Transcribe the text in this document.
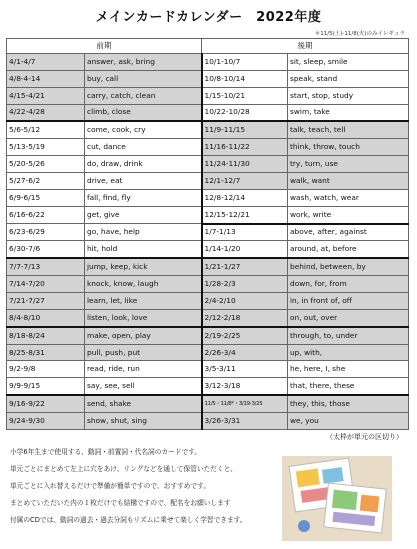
メインカードカレンダー　2022年度
＊11/5(土)-11/8(火)のみイレギュラ
前期		後期	
4/1-4/7	answer, ask, bring	10/1-10/7	sit, sleep, smile
4/8-4-14	buy, call	10/8-10/14	speak, stand
4/15-4/21	carry, catch, clean	1/15-10/21	start, stop, study
4/22-4/28	climb, close	10/22-10/28	swim, take
5/6-5/12	come, cook, cry	11/9-11/15	talk, teach, tell
5/13-5/19	cut, dance	11/16-11/22	think, throw, touch
5/20-5/26	do, draw, drink	11/24-11/30	try, turn, use
5/27-6/2	drive, eat	12/1-12/7	walk, want
6/9-6/15	fall, find, fly	12/8-12/14	wash, watch, wear
6/16-6/22	get, give	12/15-12/21	work, write
6/23-6/29	go, have, help	1/7-1/13	above, after, against
6/30-7/6	hit, hold	1/14-1/20	around, at, before
7/7-7/13	jump, keep, kick	1/21-1/27	behind, between, by
7/14-7/20	knock, know, laugh	1/28-2/3	down, for, from
7/21-7/27	learn, let, like	2/4-2/10	in, in front of, off
8/4-8/10	listen, look, love	2/12-2/18	on, out, over
8/18-8/24	make, open, play	2/19-2/25	through, to, under
8/25-8/31	pull, push, put	2/26-3/4	up, with,
9/2-9/8	read, ride, run	3/5-3/11	he, here, I, she
9/9-9/15	say, see, sell	3/12-3/18	that, there, these
9/16-9/22	send, shake	11/5・11/8*・3/19-3/25	they, this, those
9/24-9/30	show, shut, sing	3/26-3/31	we, you
（太枠が単元の区切り）
小学6年生まで使用する、動詞・前置詞・代名詞のカードです。
単元ごとにまとめて左上に穴をあけ、リングなどを通して保管いただくと、
単元ごとに入れ替えるだけで準備が簡単ですので、おすすめです。
まとめていただいた内の１枚だけでも結構ですので、配名をお願いします
付属のCDでは、動詞の過去・過去分詞もリズムに乗せて楽しく学習できます。
